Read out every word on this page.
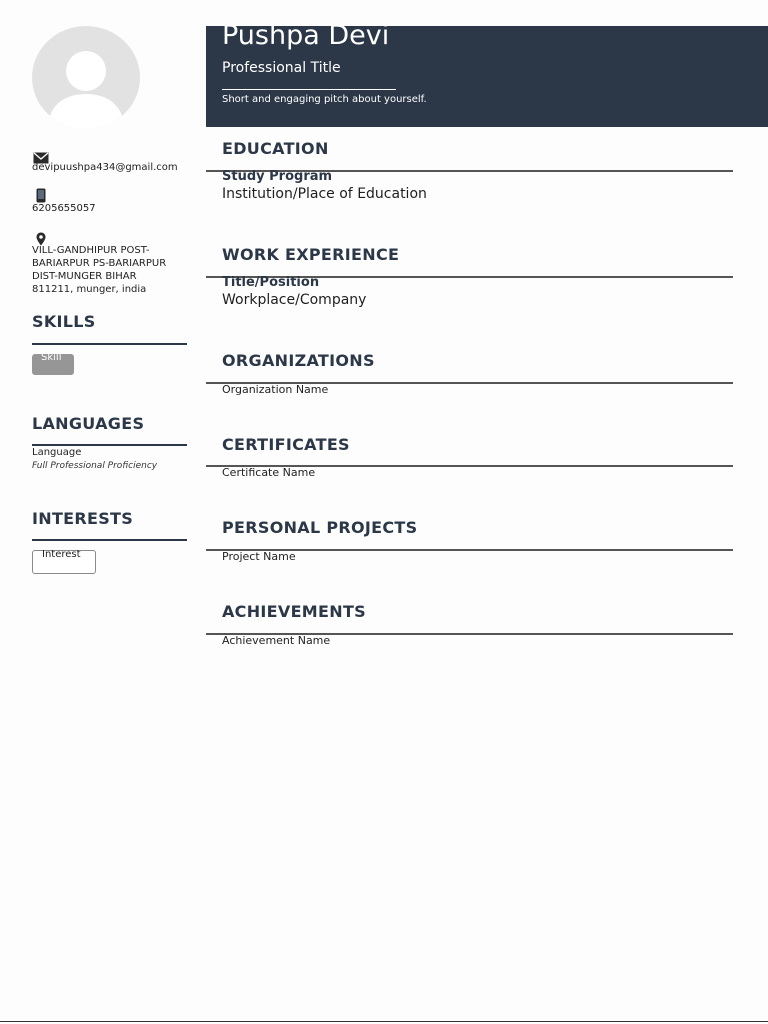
Pushpa Devi
Professional Title
Short and engaging pitch about yourself.
devipuushpa434@gmail.com
6205655057
VILL-GANDHIPUR POST-
BARIARPUR PS-BARIARPUR
DIST-MUNGER BIHAR
811211, munger, india
SKILLS
Skill
LANGUAGES
Language
Full Professional Proficiency
INTERESTS
Interest
EDUCATION
Study Program
Institution/Place of Education
WORK EXPERIENCE
Title/Position
Workplace/Company
ORGANIZATIONS
Organization Name
CERTIFICATES
Certificate Name
PERSONAL PROJECTS
Project Name
ACHIEVEMENTS
Achievement Name
